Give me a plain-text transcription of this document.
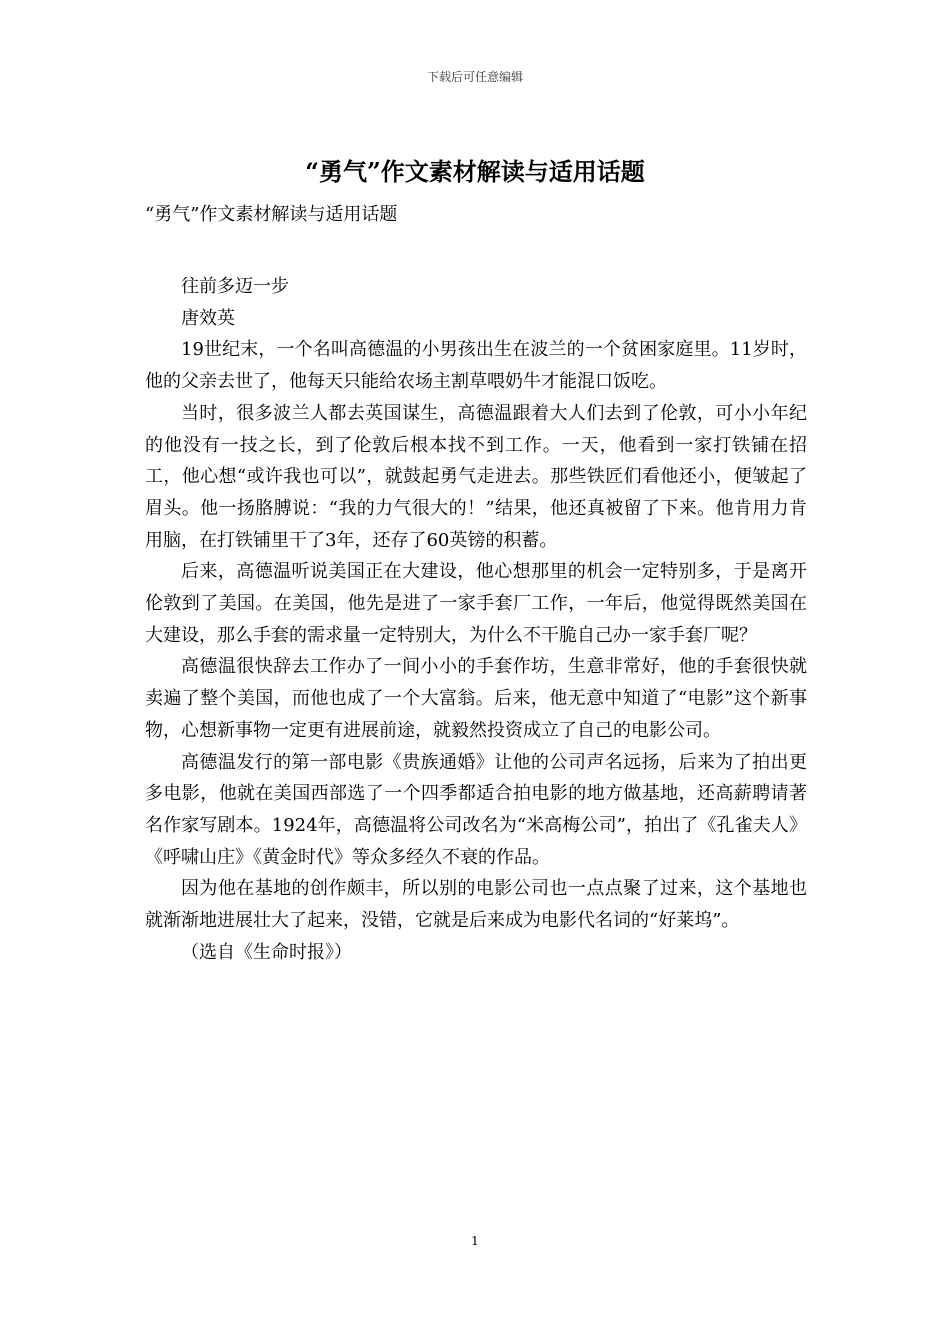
下载后可任意编辑
“勇气”作文素材解读与适用话题
“勇气”作文素材解读与适用话题

往前多迈一步

唐效英

19世纪末，一个名叫高德温的小男孩出生在波兰的一个贫困家庭里。11岁时，他的父亲去世了，他每天只能给农场主割草喂奶牛才能混口饭吃。

当时，很多波兰人都去英国谋生，高德温跟着大人们去到了伦敦，可小小年纪的他没有一技之长，到了伦敦后根本找不到工作。一天，他看到一家打铁铺在招工，他心想“或许我也可以”，就鼓起勇气走进去。那些铁匠们看他还小，便皱起了眉头。他一扬胳膊说：“我的力气很大的！”结果，他还真被留了下来。他肯用力肯用脑，在打铁铺里干了3年，还存了60英镑的积蓄。

后来，高德温听说美国正在大建设，他心想那里的机会一定特别多，于是离开伦敦到了美国。在美国，他先是进了一家手套厂工作，一年后，他觉得既然美国在大建设，那么手套的需求量一定特别大，为什么不干脆自己办一家手套厂呢？

高德温很快辞去工作办了一间小小的手套作坊，生意非常好，他的手套很快就卖遍了整个美国，而他也成了一个大富翁。后来，他无意中知道了“电影”这个新事物，心想新事物一定更有进展前途，就毅然投资成立了自己的电影公司。

高德温发行的第一部电影《贵族通婚》让他的公司声名远扬，后来为了拍出更多电影，他就在美国西部选了一个四季都适合拍电影的地方做基地，还高薪聘请著名作家写剧本。1924年，高德温将公司改名为“米高梅公司”，拍出了《孔雀夫人》《呼啸山庄》《黄金时代》等众多经久不衰的作品。

因为他在基地的创作颇丰，所以别的电影公司也一点点聚了过来，这个基地也就渐渐地进展壮大了起来，没错，它就是后来成为电影代名词的“好莱坞”。

（选自《生命时报》）

1
